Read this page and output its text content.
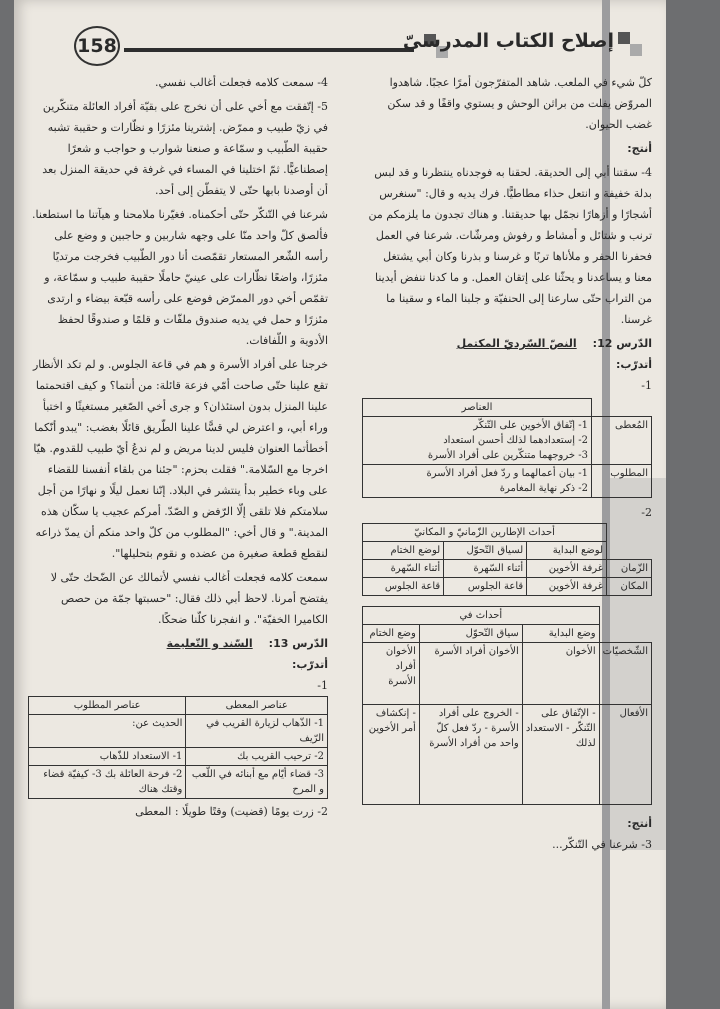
158	إصلاح الكتاب المدرسيّ
كلّ شيء في الملعب. شاهد المتفرّجون أمرًا عجبًا. شاهدوا المروّض يفلت من براثن الوحش و يستوي واقفًا و قد سكن غضب الحيوان.
أنتج:
4- سقتنا أبي إلى الحديقة. لحقنا به فوجدناه ينتظرنا و قد لبس بدلة خفيفة و انتعل حذاء مطاطيًّا. فرك يديه و قال: "سنغرس أشجارًا و أزهارًا نجمّل بها حديقتنا. و هناك تجدون ما يلزمكم من ترنب و شتائل و أمشاط و رفوش ومرشّات. شرعنا في العمل فحفرنا الحفر و ملأناها تربًا و غرسنا و بذرنا وكان أبي يشتغل معنا و يساعدنا و يحثّنا على إتقان العمل. و ما كدنا ننفض أيدينا من التراب حتّى سارعنا إلى الحنفيّة و جلبنا الماء و سقينا ما غرسنا.
الدّرس 12:
النصّ السّرديّ المكتمل
أتدرّب:
1-
	العناصر
المُعطى	1- إتّفاق الأخوين على التّنكّر
2- إستعدادهما لذلك أحسن استعداد
3- خروجهما متنكّرين على أفراد الأسرة

المطلوب	1- بيان أعمالهما و ردّ فعل أفراد الأسرة
2- ذكر نهاية المغامرة
2-
	أحداث الإطارين الزّمانيّ و المكانيّ		
	لوضع البداية	لسياق التّحوّل	لوضع الختام
الزّمان	غرفة الأخوين	أثناء السّهرة	أثناء السّهرة
المكان	غرفة الأخوين	قاعة الجلوس	قاعة الجلوس
	أحداث في		
	وضع البداية	سياق التّحوّل	وضع الختام
الشّخصيّات	الأخوان	الأخوان أفراد الأسرة	الأخوان أفراد الأسرة
الأفعال	- الإتّفاق على التّنكّر - الاستعداد لذلك	- الخروج على أفراد الأسرة - ردّ فعل كلّ واحد من أفراد الأسرة	- إنكشاف أمر الأخوين
أنتج:
3- شرعنا في التّنكّر...
4- سمعت كلامه فجعلت أغالب نفسي.
5- إتّفقت مع أخي على أن نخرج على بقيّة أفراد العائلة متنكّرين في زيّ طبيب و ممرّض. إشترينا مئزرًا و نظّارات و حقيبة تشبه حقيبة الطّبيب و سمّاعة و صنعنا شوارب و حواجب و شعرًا إصطناعيًّا. ثمّ اختلينا في المساء في غرفة في حديقة المنزل بعد أن أوصدنا بابها حتّى لا يتفطّن إلى أحد.
شرعنا في التّنكّر حتّى أحكمناه. فغيّرنا ملامحنا و هيآتنا ما استطعنا. فألصق كلّ واحد منّا على وجهه شاربين و حاجبين و وضع على رأسه الشّعر المستعار تقمّصت أنا دور الطّبيب فخرجت مرتديًا مئزرًا، واضعًا نظّارات على عينيّ حاملًا حقيبة طبيب و سمّاعة، و تقمّص أخي دور الممرّض فوضع على رأسه قبّعة بيضاء و ارتدى مئزرًا و حمل في يديه صندوق ملفّات و قلمًا و صندوقًا لحفظ الأدوية و اللّفافات.
خرجنا على أفراد الأسرة و هم في قاعة الجلوس. و لم تكد الأنظار تقع علينا حتّى صاحت أمّي فزعة قائلة: من أنتما؟ و كيف اقتحمتما علينا المنزل بدون استئذان؟ و جرى أخي الصّغير مستغيثًا و اختبأ وراء أبي، و اعترض لي قسًّا علينا الطّريق قائلًا بغضب: "يبدو أنّكما أخطأتما العنوان فليس لدينا مريض و لم ندعُ أيّ طبيب للقدوم. هيّا اخرجا مع السّلامة." فقلت بحزم: "جئنا من بلقاء أنفسنا للقضاء على وباء خطير بدأ ينتشر في البلاد. إنّنا نعمل ليلًا و نهارًا من أجل سلامتكم فلا تلقى إلّا الرّفض و الصّدّ. أمركم عجيب يا سكّان هذه المدينة." و قال أخي: "المطلوب من كلّ واحد منكم أن يمدّ ذراعه لنقطع قطعة صغيرة من عضده و نقوم بتحليلها".
سمعت كلامه فجعلت أغالب نفسي لأتمالك عن الضّحك حتّى لا يفتضح أمرنا. لاحظ أبي ذلك فقال: "حسبتها جمّة من حصص الكاميرا الخفيّة". و انفجرنا كلّنا ضحكًا.
الدّرس 13:
السّند و التّعليمة
أتدرّب:
1-
عناصر المعطى	عناصر المطلوب
1- الذّهاب لزيارة القريب في الرّيف	الحديث عن:
2- ترحيب القريب بك	1- الاستعداد للذّهاب
3- قضاء أيّام مع أبنائه في اللّعب و المرح	2- فرحة العائلة بك 3- كيفيّة قضاء وقتك هناك
2- زرت يومًا (قضيت) وقتًا طويلًا : المعطى
